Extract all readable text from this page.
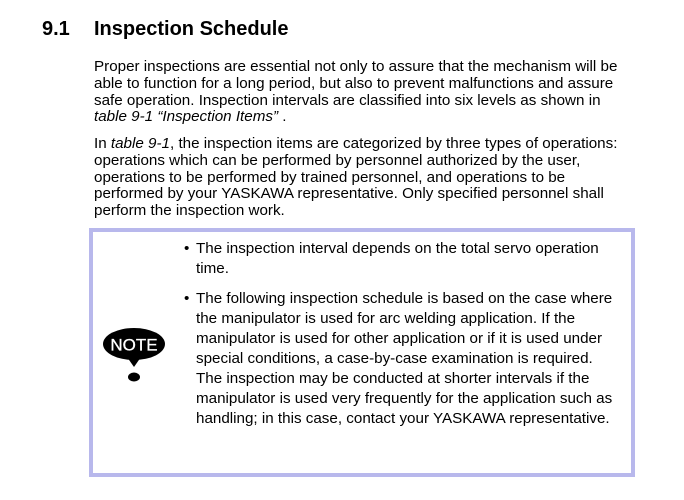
9.1 Inspection Schedule
Proper inspections are essential not only to assure that the mechanism will be able to function for a long period, but also to prevent malfunctions and assure safe operation. Inspection intervals are classified into six levels as shown in table 9-1 “Inspection Items” .
In table 9-1, the inspection items are categorized by three types of operations: operations which can be performed by personnel authorized by the user, operations to be performed by trained personnel, and operations to be performed by your YASKAWA representative. Only specified personnel shall perform the inspection work.
NOTE
• The inspection interval depends on the total servo operation time.
• The following inspection schedule is based on the case where the manipulator is used for arc welding application. If the manipulator is used for other application or if it is used under special conditions, a case-by-case examination is required.
The inspection may be conducted at shorter intervals if the manipulator is used very frequently for the application such as handling; in this case, contact your YASKAWA representative.
